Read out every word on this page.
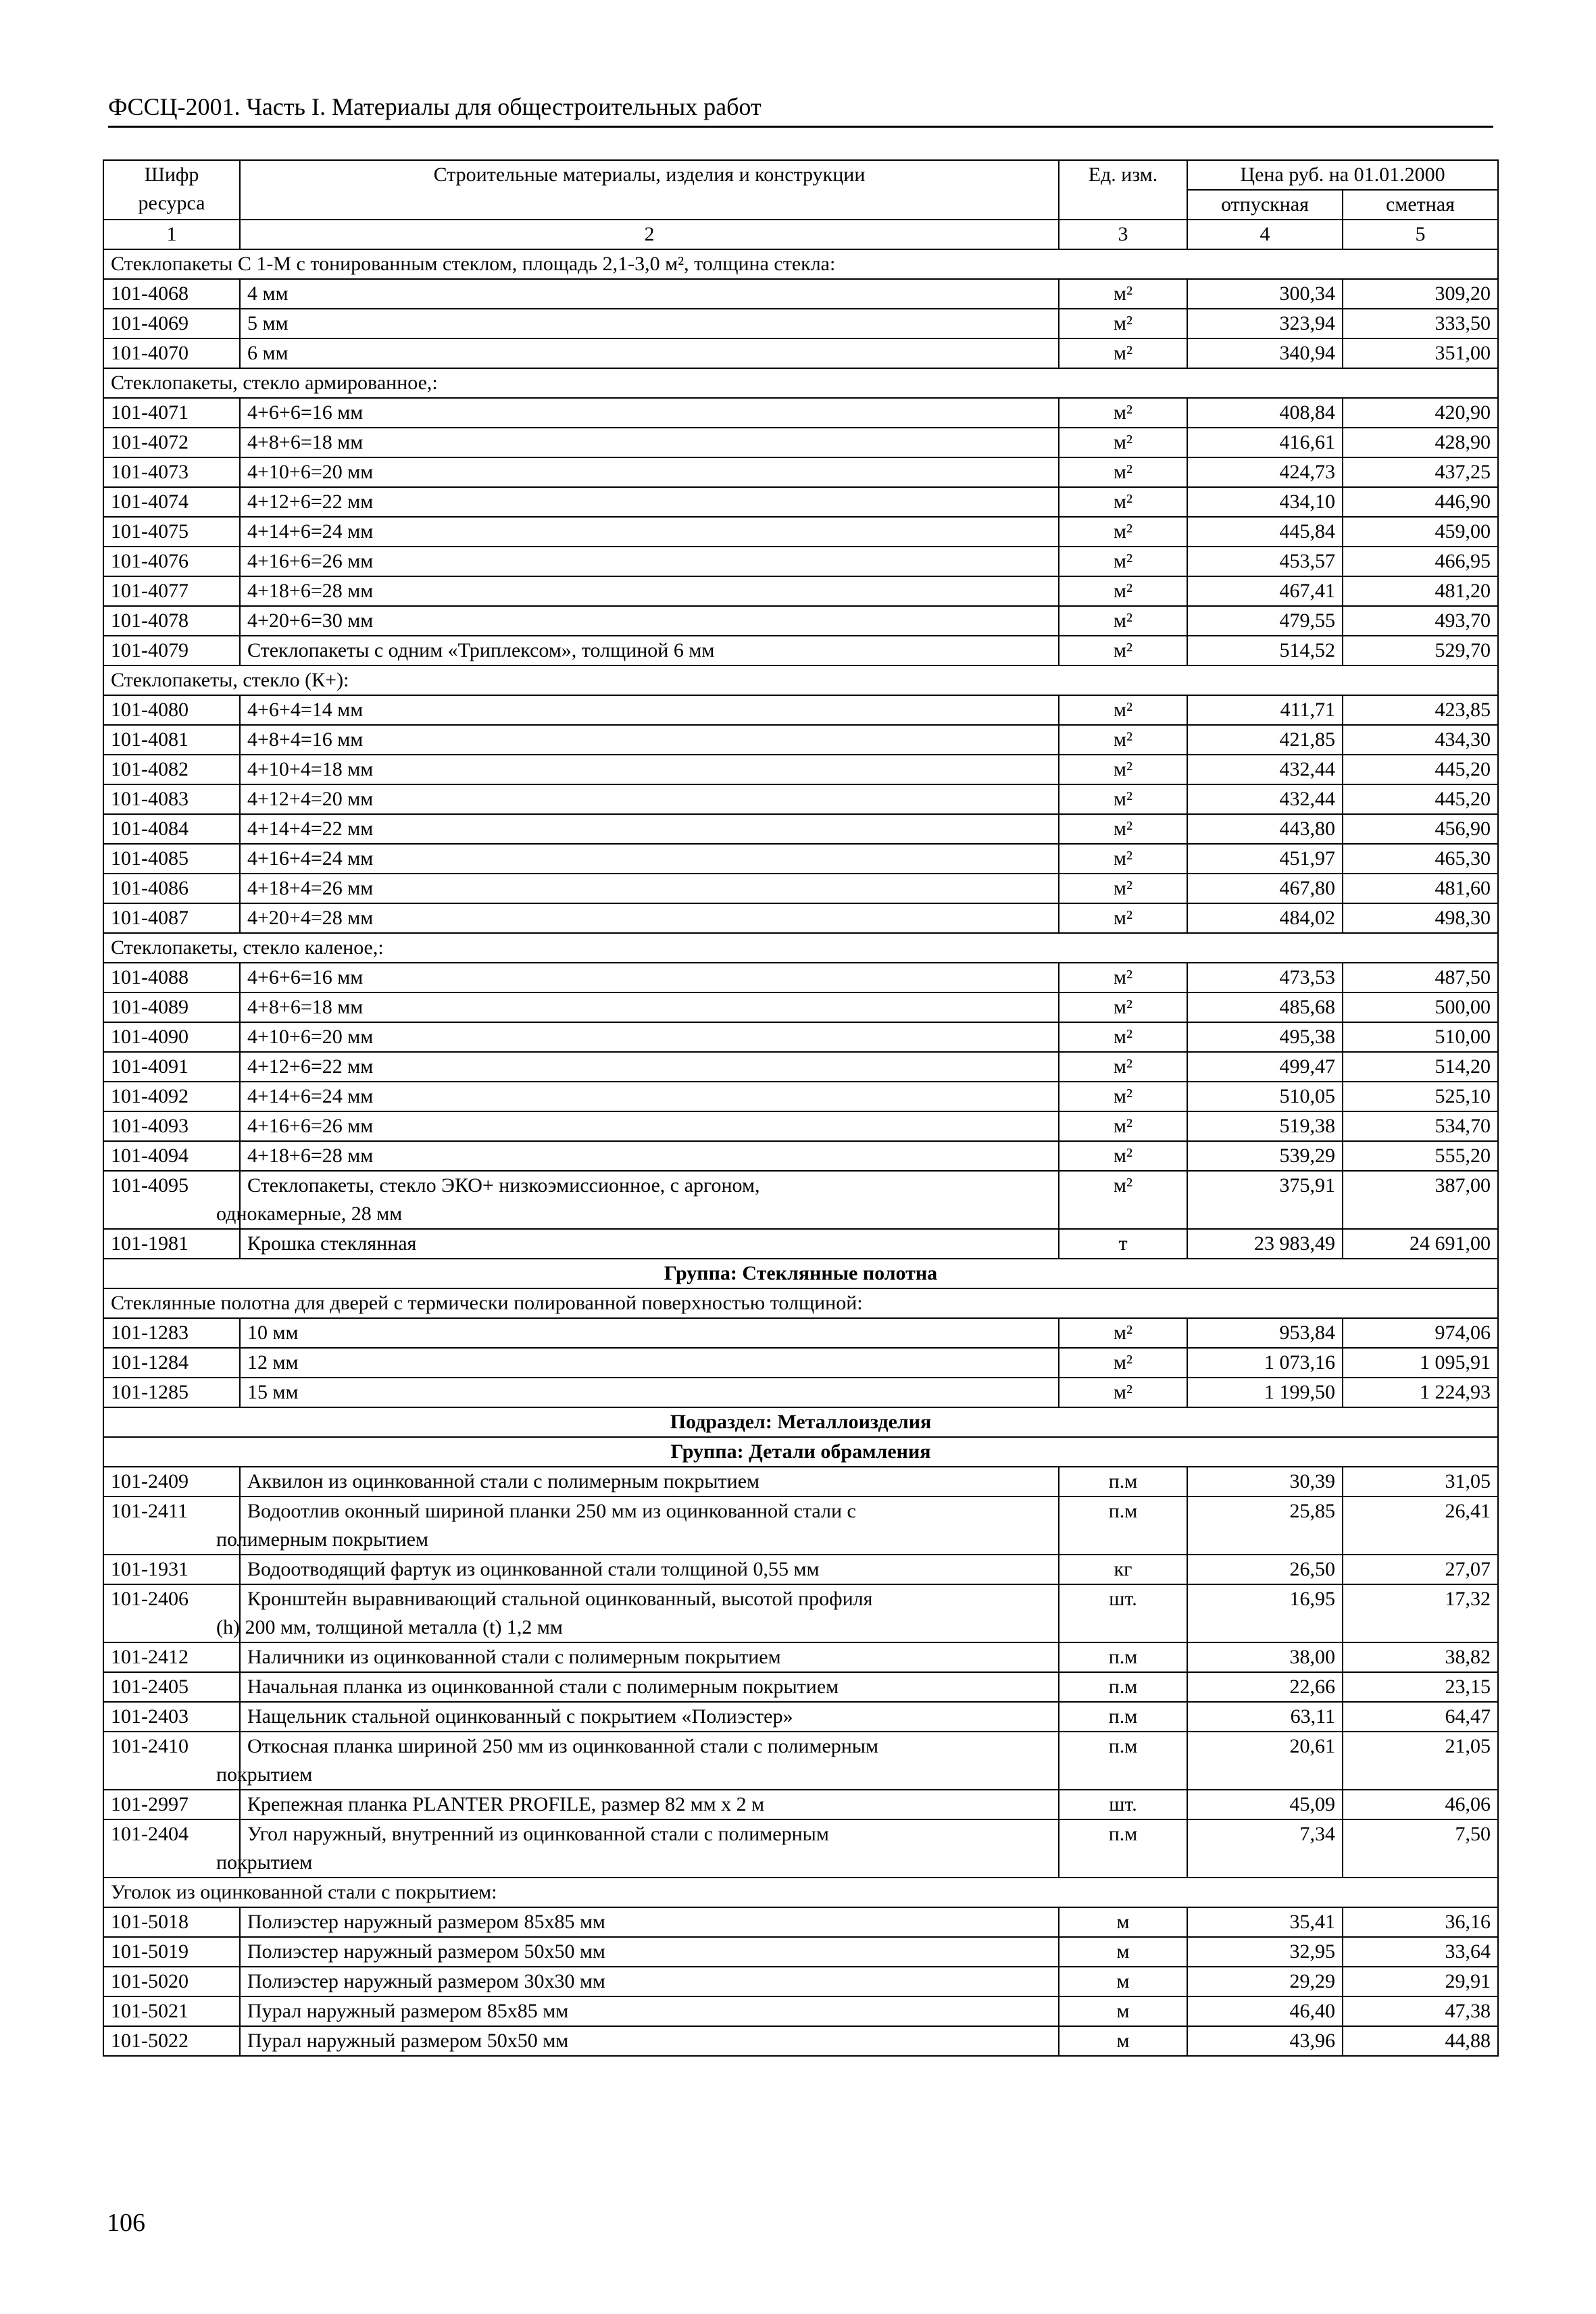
ФССЦ-2001. Часть I. Материалы для общестроительных работ
Шифр ресурса	Строительные материалы, изделия и конструкции	Ед. изм.	Цена руб. на 01.01.2000	
			отпускная	сметная
1	2	3	4	5
Стеклопакеты С 1-М с тонированным стеклом, площадь 2,1-3,0 м², толщина стекла:				
101-4068	4 мм	м²	300,34	309,20
101-4069	5 мм	м²	323,94	333,50
101-4070	6 мм	м²	340,94	351,00
Стеклопакеты, стекло армированное,:				
101-4071	4+6+6=16 мм	м²	408,84	420,90
101-4072	4+8+6=18 мм	м²	416,61	428,90
101-4073	4+10+6=20 мм	м²	424,73	437,25
101-4074	4+12+6=22 мм	м²	434,10	446,90
101-4075	4+14+6=24 мм	м²	445,84	459,00
101-4076	4+16+6=26 мм	м²	453,57	466,95
101-4077	4+18+6=28 мм	м²	467,41	481,20
101-4078	4+20+6=30 мм	м²	479,55	493,70
101-4079	Стеклопакеты с одним «Триплексом», толщиной 6 мм	м²	514,52	529,70
Стеклопакеты, стекло (К+):				
101-4080	4+6+4=14 мм	м²	411,71	423,85
101-4081	4+8+4=16 мм	м²	421,85	434,30
101-4082	4+10+4=18 мм	м²	432,44	445,20
101-4083	4+12+4=20 мм	м²	432,44	445,20
101-4084	4+14+4=22 мм	м²	443,80	456,90
101-4085	4+16+4=24 мм	м²	451,97	465,30
101-4086	4+18+4=26 мм	м²	467,80	481,60
101-4087	4+20+4=28 мм	м²	484,02	498,30
Стеклопакеты, стекло каленое,:				
101-4088	4+6+6=16 мм	м²	473,53	487,50
101-4089	4+8+6=18 мм	м²	485,68	500,00
101-4090	4+10+6=20 мм	м²	495,38	510,00
101-4091	4+12+6=22 мм	м²	499,47	514,20
101-4092	4+14+6=24 мм	м²	510,05	525,10
101-4093	4+16+6=26 мм	м²	519,38	534,70
101-4094	4+18+6=28 мм	м²	539,29	555,20
101-4095	Стеклопакеты, стекло ЭКО+ низкоэмиссионное, с аргоном,
однокамерные, 28 мм	м²	375,91	387,00
101-1981	Крошка стеклянная	т	23 983,49	24 691,00
Группа: Стеклянные полотна				
Стеклянные полотна для дверей с термически полированной поверхностью толщиной:				
101-1283	10 мм	м²	953,84	974,06
101-1284	12 мм	м²	1 073,16	1 095,91
101-1285	15 мм	м²	1 199,50	1 224,93
Подраздел: Металлоизделия				
Группа: Детали обрамления				
101-2409	Аквилон из оцинкованной стали с полимерным покрытием	п.м	30,39	31,05
101-2411	Водоотлив оконный шириной планки 250 мм из оцинкованной стали с
полимерным покрытием	п.м	25,85	26,41
101-1931	Водоотводящий фартук из оцинкованной стали толщиной 0,55 мм	кг	26,50	27,07
101-2406	Кронштейн выравнивающий стальной оцинкованный, высотой профиля
(h) 200 мм, толщиной металла (t) 1,2 мм	шт.	16,95	17,32
101-2412	Наличники из оцинкованной стали с полимерным покрытием	п.м	38,00	38,82
101-2405	Начальная планка из оцинкованной стали с полимерным покрытием	п.м	22,66	23,15
101-2403	Нащельник стальной оцинкованный с покрытием «Полиэстер»	п.м	63,11	64,47
101-2410	Откосная планка шириной 250 мм из оцинкованной стали с полимерным
покрытием	п.м	20,61	21,05
101-2997	Крепежная планка PLANTER PROFILE, размер 82 мм х 2 м	шт.	45,09	46,06
101-2404	Угол наружный, внутренний из оцинкованной стали с полимерным
покрытием	п.м	7,34	7,50
Уголок из оцинкованной стали с покрытием:				
101-5018	Полиэстер наружный размером 85х85 мм	м	35,41	36,16
101-5019	Полиэстер наружный размером 50х50 мм	м	32,95	33,64
101-5020	Полиэстер наружный размером 30х30 мм	м	29,29	29,91
101-5021	Пурал наружный размером 85х85 мм	м	46,40	47,38
101-5022	Пурал наружный размером 50х50 мм	м	43,96	44,88
106
